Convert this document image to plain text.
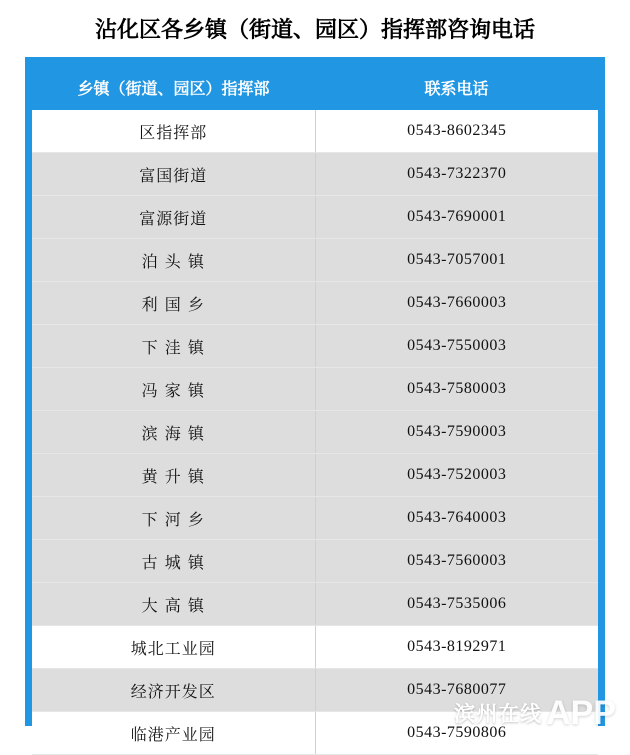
沾化区各乡镇（街道、园区）指挥部咨询电话
乡镇（街道、园区）指挥部	联系电话
区指挥部	0543-8602345
富国街道	0543-7322370
富源街道	0543-7690001
泊 头 镇	0543-7057001
利 国 乡	0543-7660003
下 洼 镇	0543-7550003
冯 家 镇	0543-7580003
滨 海 镇	0543-7590003
黄 升 镇	0543-7520003
下 河 乡	0543-7640003
古 城 镇	0543-7560003
大 高 镇	0543-7535006
城北工业园	0543-8192971
经济开发区	0543-7680077
临港产业园	0543-7590806
滨州在线 APP
